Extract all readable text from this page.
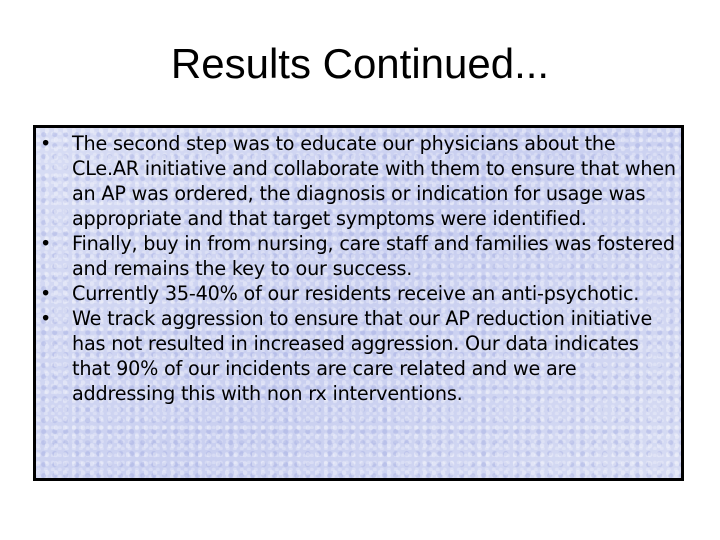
Results Continued...
•	The second step was to educate our physicians about the CLe.AR initiative and collaborate with them to ensure that when an AP was ordered, the diagnosis or indication for usage was appropriate and that target symptoms were identified.
•	Finally, buy in from nursing, care staff and families was fostered and remains the key to our success.
•	Currently 35-40% of our residents receive an anti-psychotic.
•	We track aggression to ensure that our AP reduction initiative has not resulted in increased aggression. Our data indicates that 90% of our incidents are care related and we are addressing this with non rx interventions.
